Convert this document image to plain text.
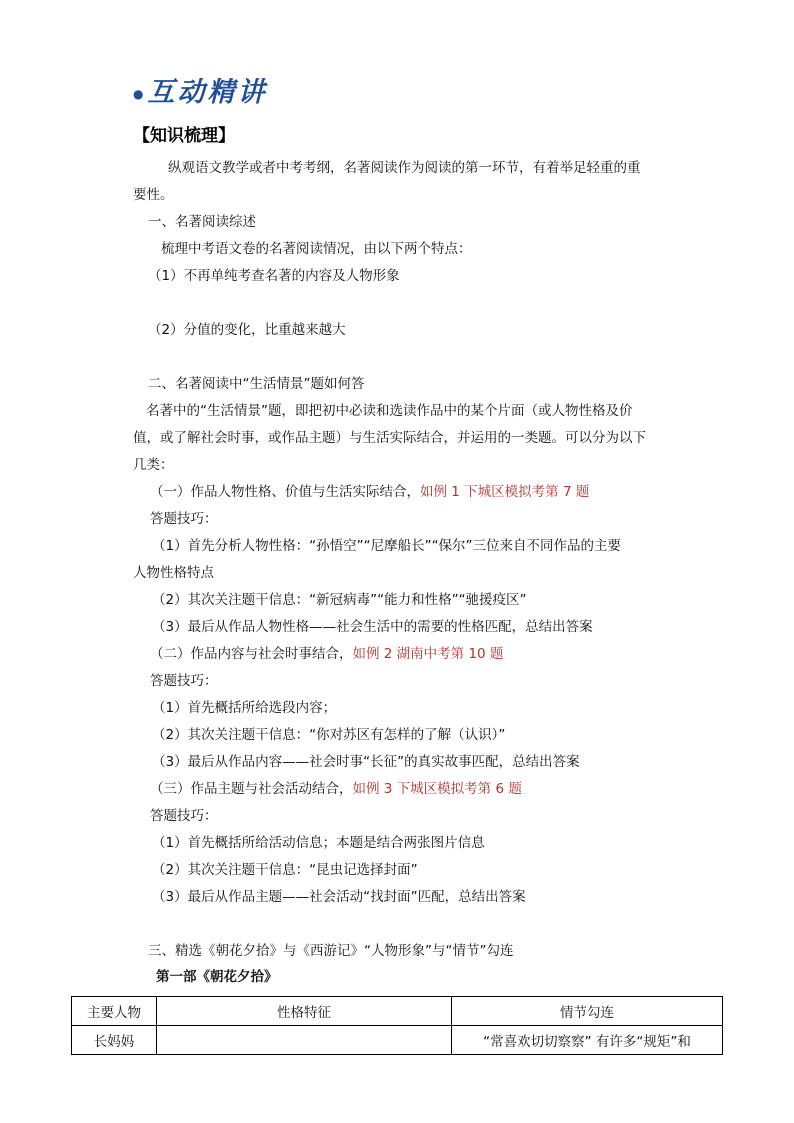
●互动精讲
【知识梳理】
纵观语文教学或者中考考纲，名著阅读作为阅读的第一环节，有着举足轻重的重
要性。
一、名著阅读综述
梳理中考语文卷的名著阅读情况，由以下两个特点：
（1）不再单纯考查名著的内容及人物形象
（2）分值的变化，比重越来越大
二、名著阅读中“生活情景”题如何答
名著中的“生活情景”题，即把初中必读和选读作品中的某个片面（或人物性格及价
值，或了解社会时事，或作品主题）与生活实际结合，并运用的一类题。可以分为以下
几类：
（一）作品人物性格、价值与生活实际结合，如例 1 下城区模拟考第 7 题
答题技巧：
（1）首先分析人物性格：“孙悟空”“尼摩船长”“保尔”三位来自不同作品的主要
人物性格特点
（2）其次关注题干信息：“新冠病毒”“能力和性格”“驰援疫区”
（3）最后从作品人物性格——社会生活中的需要的性格匹配，总结出答案
（二）作品内容与社会时事结合，如例 2 湖南中考第 10 题
答题技巧：
（1）首先概括所给选段内容；
（2）其次关注题干信息：“你对苏区有怎样的了解（认识）”
（3）最后从作品内容——社会时事“长征”的真实故事匹配，总结出答案
（三）作品主题与社会活动结合，如例 3 下城区模拟考第 6 题
答题技巧：
（1）首先概括所给活动信息；本题是结合两张图片信息
（2）其次关注题干信息：“昆虫记选择封面”
（3）最后从作品主题——社会活动“找封面”匹配，总结出答案
三、精选《朝花夕拾》与《西游记》“人物形象”与“情节”勾连
第一部《朝花夕拾》
主要人物	性格特征	情节勾连
长妈妈		“常喜欢切切察察” 有许多“规矩”和
